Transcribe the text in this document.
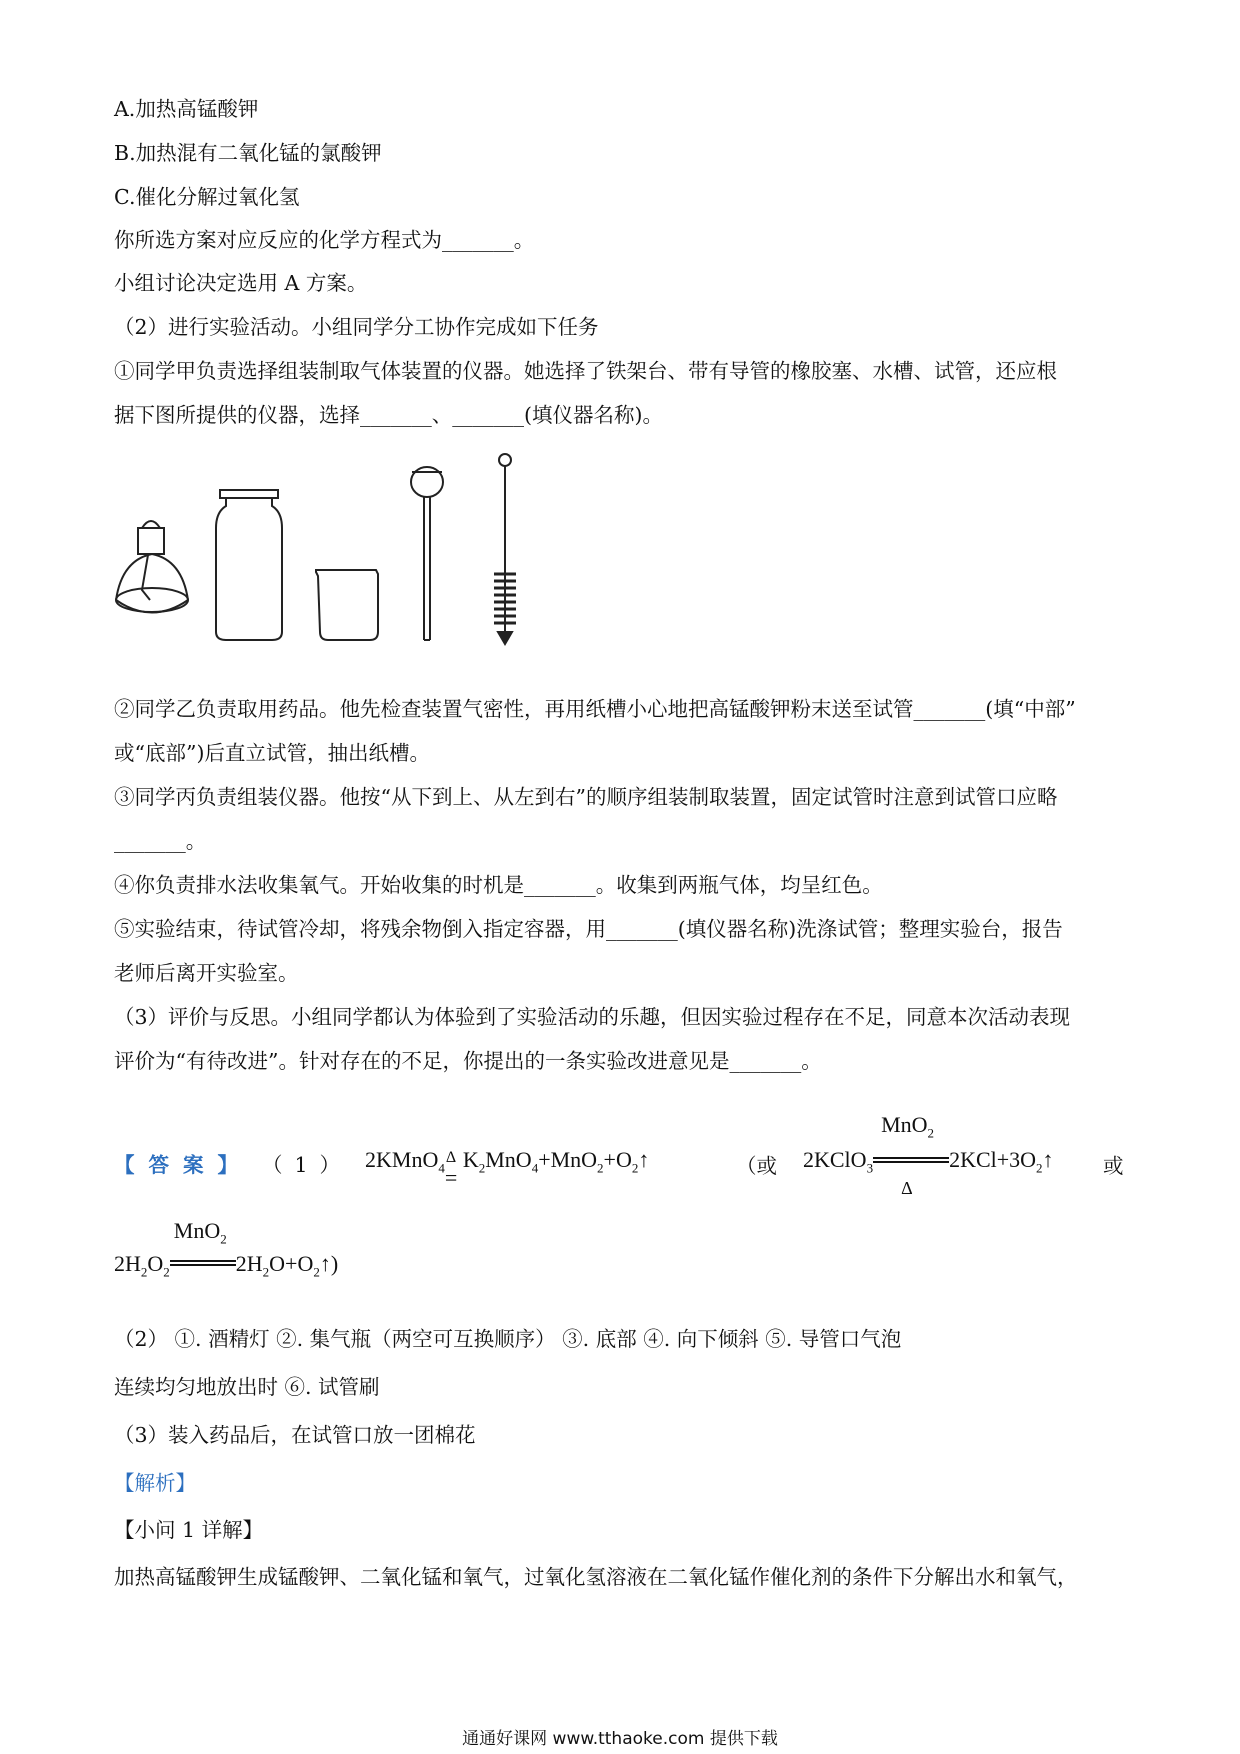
A.加热高锰酸钾
B.加热混有二氧化锰的氯酸钾
C.催化分解过氧化氢
你所选方案对应反应的化学方程式为_______。
小组讨论决定选用 A 方案。
（2）进行实验活动。小组同学分工协作完成如下任务
①同学甲负责选择组装制取气体装置的仪器。她选择了铁架台、带有导管的橡胶塞、水槽、试管，还应根
据下图所提供的仪器，选择_______、_______(填仪器名称)。
②同学乙负责取用药品。他先检查装置气密性，再用纸槽小心地把高锰酸钾粉末送至试管_______(填“中部”
或“底部”)后直立试管，抽出纸槽。
③同学丙负责组装仪器。他按“从下到上、从左到右”的顺序组装制取装置，固定试管时注意到试管口应略
_______。
④你负责排水法收集氧气。开始收集的时机是_______。收集到两瓶气体，均呈红色。
⑤实验结束，待试管冷却，将残余物倒入指定容器，用_______(填仪器名称)洗涤试管；整理实验台，报告
老师后离开实验室。
（3）评价与反思。小组同学都认为体验到了实验活动的乐趣，但因实验过程存在不足，同意本次活动表现
评价为“有待改进”。针对存在的不足，你提出的一条实验改进意见是_______。
【答案】 （1） 2KMnO$_4$
Δ
=
$K_2MnO_4+MnO_2+O_2↑$	（或 2KClO$_3$
MnO$_2$
Δ
$2KCl+3O_2↑$ 或
$2H_2O_2$
MnO$_2$
$2H_2O+O_2↑$)
（2） ①. 酒精灯 ②. 集气瓶（两空可互换顺序） ③. 底部 ④. 向下倾斜 ⑤. 导管口气泡
连续均匀地放出时 ⑥. 试管刷
（3）装入药品后，在试管口放一团棉花
【解析】
【小问 1 详解】
加热高锰酸钾生成锰酸钾、二氧化锰和氧气，过氧化氢溶液在二氧化锰作催化剂的条件下分解出水和氧气，
通通好课网 www.tthaoke.com 提供下载
